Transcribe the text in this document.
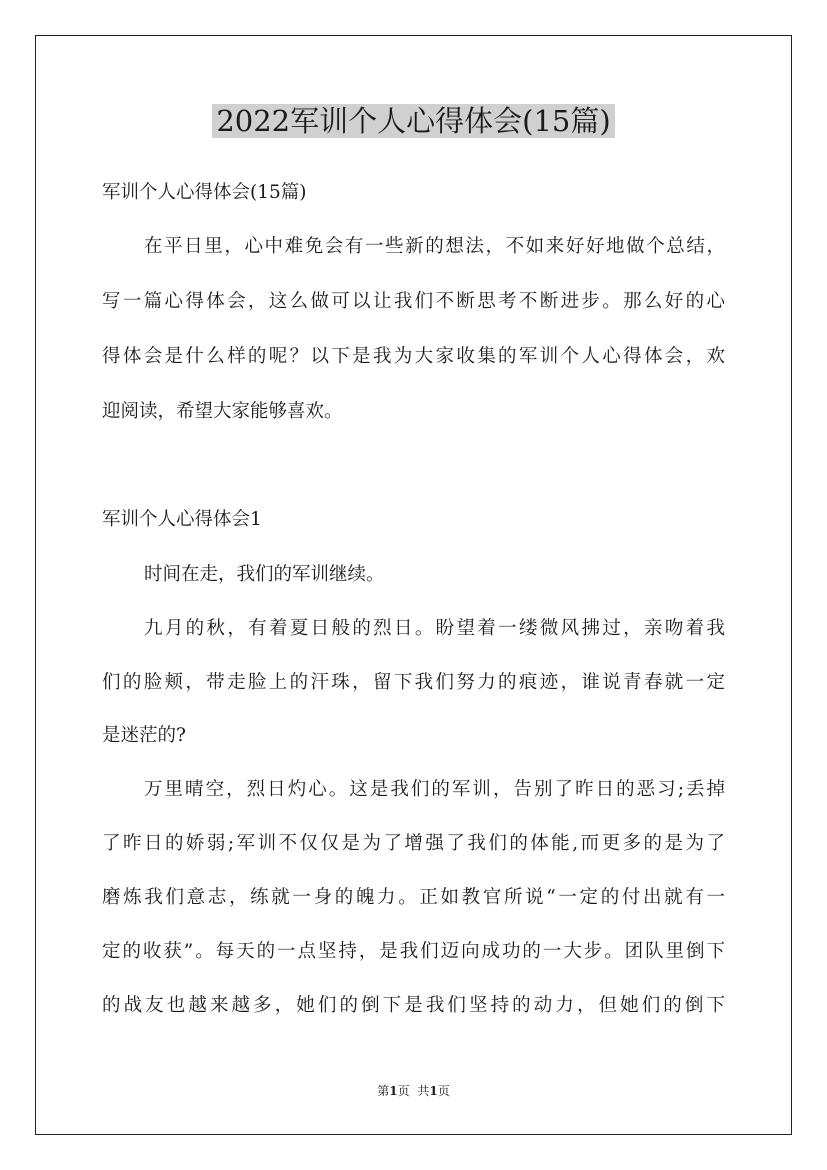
2022军训个人心得体会(15篇)
军训个人心得体会(15篇)
在平日里，心中难免会有一些新的想法，不如来好好地做个总结，
写一篇心得体会，这么做可以让我们不断思考不断进步。那么好的心
得体会是什么样的呢？以下是我为大家收集的军训个人心得体会，欢
迎阅读，希望大家能够喜欢。
军训个人心得体会1
时间在走，我们的军训继续。
九月的秋，有着夏日般的烈日。盼望着一缕微风拂过，亲吻着我
们的脸颊，带走脸上的汗珠，留下我们努力的痕迹，谁说青春就一定
是迷茫的?
万里晴空，烈日灼心。这是我们的军训，告别了昨日的恶习;丢掉
了昨日的娇弱;军训不仅仅是为了增强了我们的体能,而更多的是为了
磨炼我们意志，练就一身的魄力。正如教官所说“一定的付出就有一
定的收获”。每天的一点坚持，是我们迈向成功的一大步。团队里倒下
的战友也越来越多，她们的倒下是我们坚持的动力，但她们的倒下
第1页 共1页
